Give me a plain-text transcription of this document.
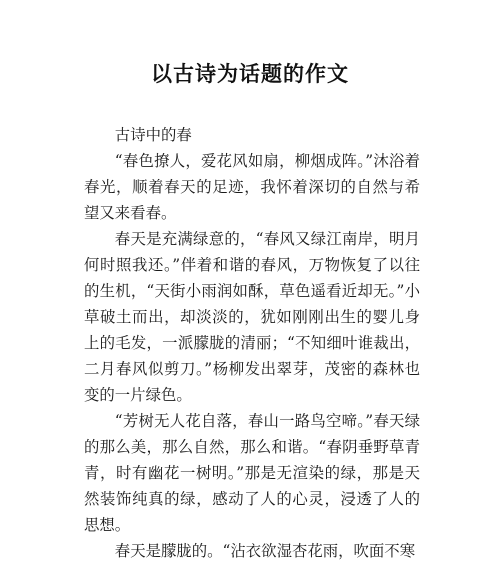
以古诗为话题的作文

古诗中的春

“春色撩人，爱花风如扇，柳烟成阵。”沐浴着春光，顺着春天的足迹，我怀着深切的自然与希望又来看春。

春天是充满绿意的，“春风又绿江南岸，明月何时照我还。”伴着和谐的春风，万物恢复了以往的生机，“天街小雨润如酥，草色遥看近却无。”小草破土而出，却淡淡的，犹如刚刚出生的婴儿身上的毛发，一派朦胧的清丽；“不知细叶谁裁出，二月春风似剪刀。”杨柳发出翠芽，茂密的森林也变的一片绿色。

“芳树无人花自落，春山一路鸟空啼。”春天绿的那么美，那么自然，那么和谐。“春阴垂野草青青，时有幽花一树明。”那是无渲染的绿，那是天然装饰纯真的绿，感动了人的心灵，浸透了人的思想。

春天是朦胧的。“沾衣欲湿杏花雨，吹面不寒
